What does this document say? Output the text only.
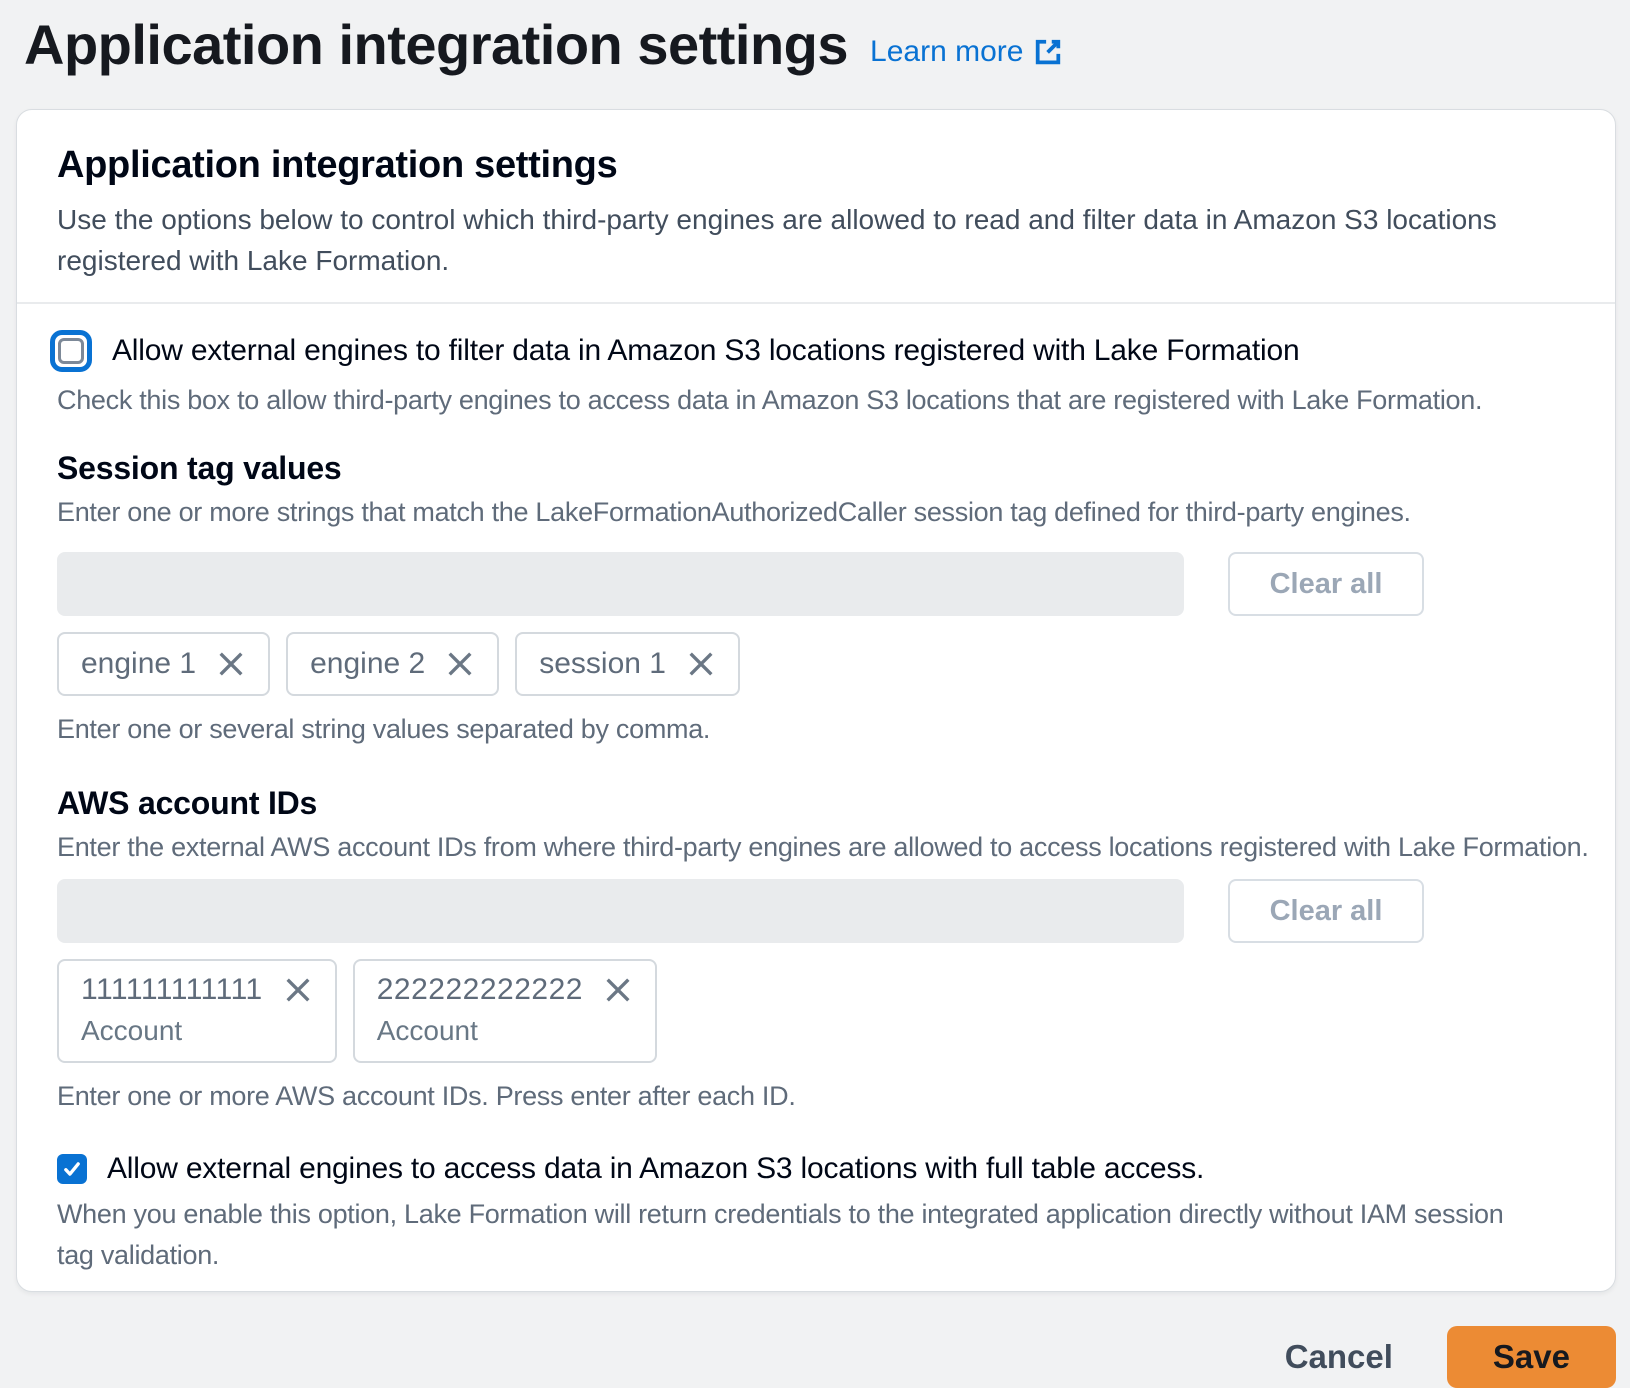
Application integration settings Learn more
Application integration settings

Use the options below to control which third-party engines are allowed to read and filter data in Amazon S3 locations registered with Lake Formation.

Allow external engines to filter data in Amazon S3 locations registered with Lake Formation
Check this box to allow third-party engines to access data in Amazon S3 locations that are registered with Lake Formation.
Session tag values
Enter one or more strings that match the LakeFormationAuthorizedCaller session tag defined for third-party engines.
Clear all
engine 1	engine 2	session 1
Enter one or several string values separated by comma.
AWS account IDs
Enter the external AWS account IDs from where third-party engines are allowed to access locations registered with Lake Formation.
Clear all
111111111111
Account
222222222222
Account
Enter one or more AWS account IDs. Press enter after each ID.
Allow external engines to access data in Amazon S3 locations with full table access.
When you enable this option, Lake Formation will return credentials to the integrated application directly without IAM session tag validation.
Cancel	Save
